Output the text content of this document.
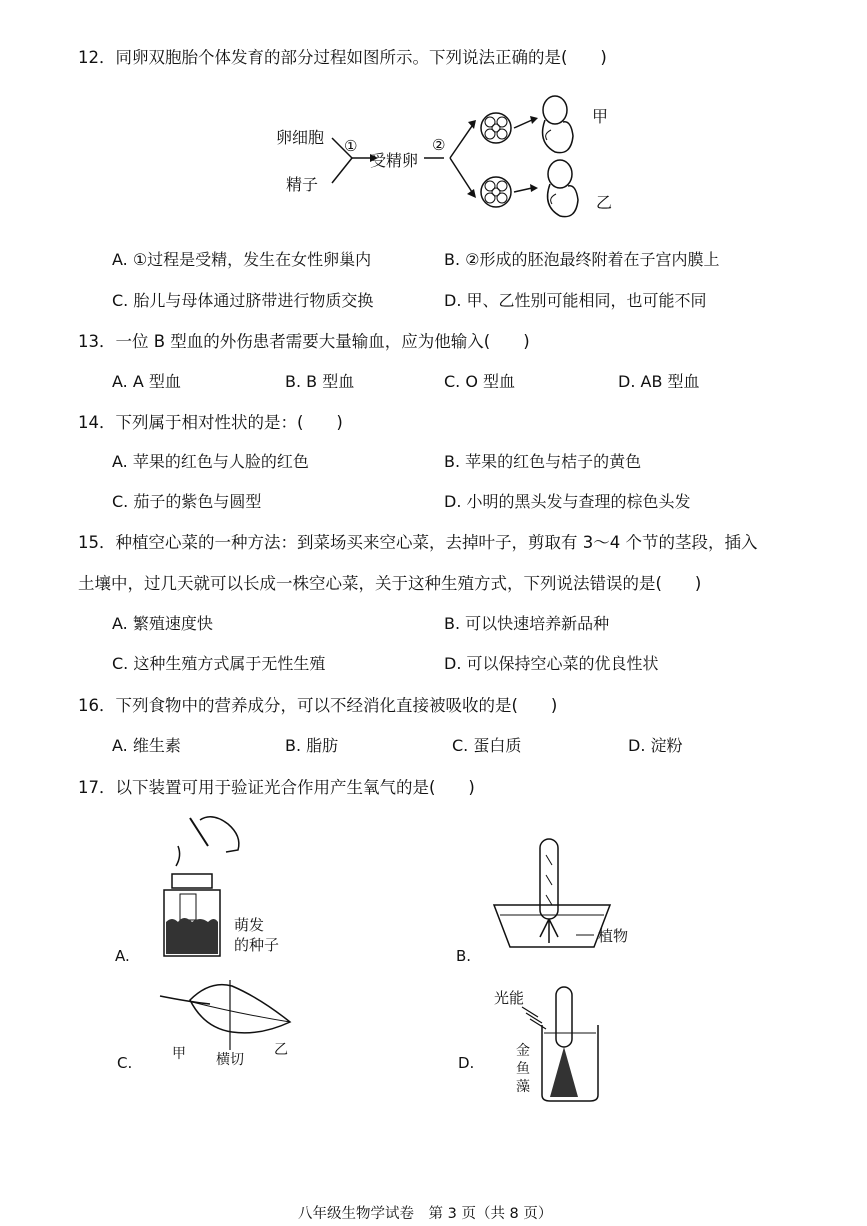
12．同卵双胞胎个体发育的部分过程如图所示。下列说法正确的是(　　)
卵细胞
精子
①
受精卵
②
甲
乙
A. ①过程是受精，发生在女性卵巢内	B. ②形成的胚泡最终附着在子宫内膜上
C. 胎儿与母体通过脐带进行物质交换	D. 甲、乙性别可能相同，也可能不同
13．一位 B 型血的外伤患者需要大量输血，应为他输入(　　)
A. A 型血	B. B 型血	C. O 型血	D. AB 型血
14．下列属于相对性状的是：(　　)
A. 苹果的红色与人脸的红色	B. 苹果的红色与桔子的黄色
C. 茄子的紫色与圆型	D. 小明的黑头发与查理的棕色头发
15．种植空心菜的一种方法：到菜场买来空心菜，去掉叶子，剪取有 3～4 个节的茎段，插入
土壤中，过几天就可以长成一株空心菜，关于这种生殖方式，下列说法错误的是(　　)
A. 繁殖速度快	B. 可以快速培养新品种
C. 这种生殖方式属于无性生殖	D. 可以保持空心菜的优良性状
16．下列食物中的营养成分，可以不经消化直接被吸收的是(　　)
A. 维生素	B. 脂肪	C. 蛋白质	D. 淀粉
17．以下装置可用于验证光合作用产生氧气的是(　　)
萌发
的种子
A.
植物
B.
甲 横切
乙
C.
光能
金
鱼
藻
D.
八年级生物学试卷　第 3 页（共 8 页）
